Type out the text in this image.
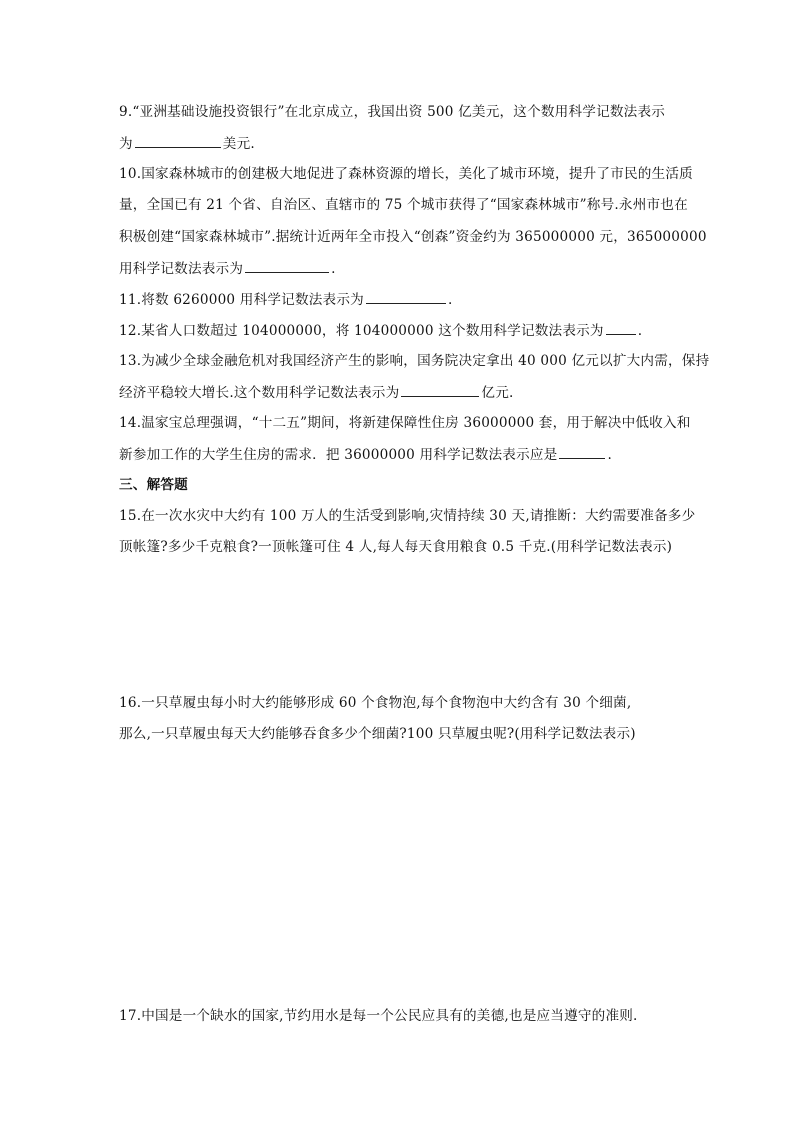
9.“亚洲基础设施投资银行”在北京成立，我国出资 500 亿美元，这个数用科学记数法表示
为	美元.
10.国家森林城市的创建极大地促进了森林资源的增长，美化了城市环境，提升了市民的生活质
量，全国已有 21 个省、自治区、直辖市的 75 个城市获得了“国家森林城市”称号.永州市也在
积极创建“国家森林城市”.据统计近两年全市投入“创森”资金约为 365000000 元，365000000
用科学记数法表示为	.
11.将数 6260000 用科学记数法表示为	.
12.某省人口数超过 104000000，将 104000000 这个数用科学记数法表示为	.
13.为减少全球金融危机对我国经济产生的影响，国务院决定拿出 40 000 亿元以扩大内需，保持
经济平稳较大增长.这个数用科学记数法表示为	亿元.
14.温家宝总理强调，“十二五”期间，将新建保障性住房 36000000 套，用于解决中低收入和
新参加工作的大学生住房的需求．把 36000000 用科学记数法表示应是	.
三、解答题
15.在一次水灾中大约有 100 万人的生活受到影响,灾情持续 30 天,请推断：大约需要准备多少
顶帐篷?多少千克粮食?一顶帐篷可住 4 人,每人每天食用粮食 0.5 千克.(用科学记数法表示)
16.一只草履虫每小时大约能够形成 60 个食物泡,每个食物泡中大约含有 30 个细菌,
那么,一只草履虫每天大约能够吞食多少个细菌?100 只草履虫呢?(用科学记数法表示)
17.中国是一个缺水的国家,节约用水是每一个公民应具有的美德,也是应当遵守的准则.
